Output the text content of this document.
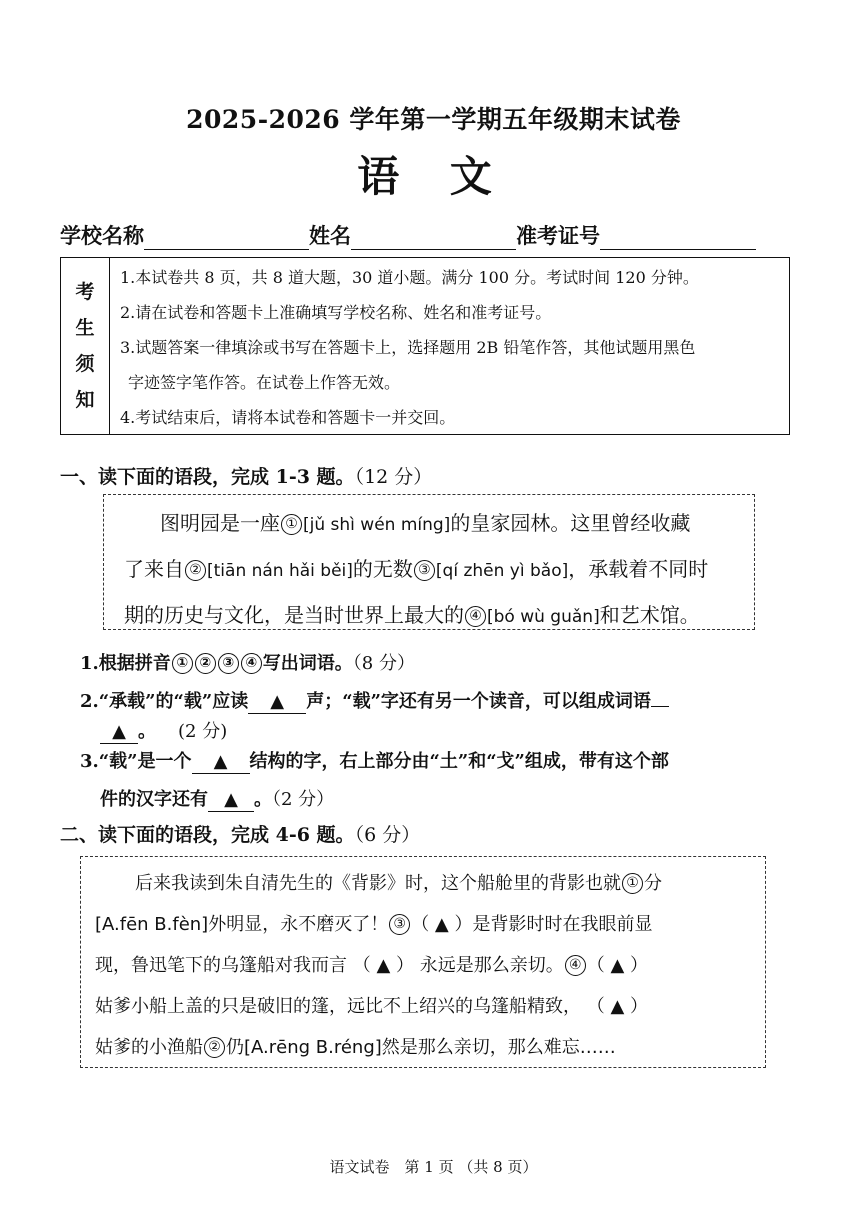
2025-2026 学年第一学期五年级期末试卷
语 文
学校名称	姓名	准考证号
考
生
须
知
1.本试卷共 8 页，共 8 道大题，30 道小题。满分 100 分。考试时间 120 分钟。
2.请在试卷和答题卡上准确填写学校名称、姓名和准考证号。
3.试题答案一律填涂或书写在答题卡上，选择题用 2B 铅笔作答，其他试题用黑色
字迹签字笔作答。在试卷上作答无效。
4.考试结束后，请将本试卷和答题卡一并交回。
一、读下面的语段，完成 1-3 题。（12 分）
图明园是一座 ① [jǔ shì wén míng]的皇家园林。这里曾经收藏
了来自 ② [tiān nán hǎi běi]的无数 ③ [qí zhēn yì bǎo]，承载着不同时
期的历史与文化，是当时世界上最大的 ④ [bó wù guǎn]和艺术馆。
1.根据拼音 ① ② ③ ④ 写出词语。（8 分）
2.“承载”的“载”应读 ▲ 声；“载”字还有另一个读音，可以组成词语
▲ 。 (2 分)
3.“载”是一个 ▲ 结构的字，右上部分由“土”和“戈”组成，带有这个部
件的汉字还有 ▲ 。（2 分）
二、读下面的语段，完成 4-6 题。（6 分）
后来我读到朱自清先生的《背影》时，这个船舱里的背影也就 ① 分
[A.fēn B.fèn]外明显，永不磨灭了！ ③ （ ▲ ）是背影时时在我眼前显
现，鲁迅笔下的乌篷船对我而言 （ ▲ ） 永远是那么亲切。 ④ （ ▲ ）
姑爹小船上盖的只是破旧的篷，远比不上绍兴的乌篷船精致， （ ▲ ）
姑爹的小渔船 ② 仍[A.rēng B.réng]然是那么亲切，那么难忘……
语文试卷　第 1 页 （共 8 页）
